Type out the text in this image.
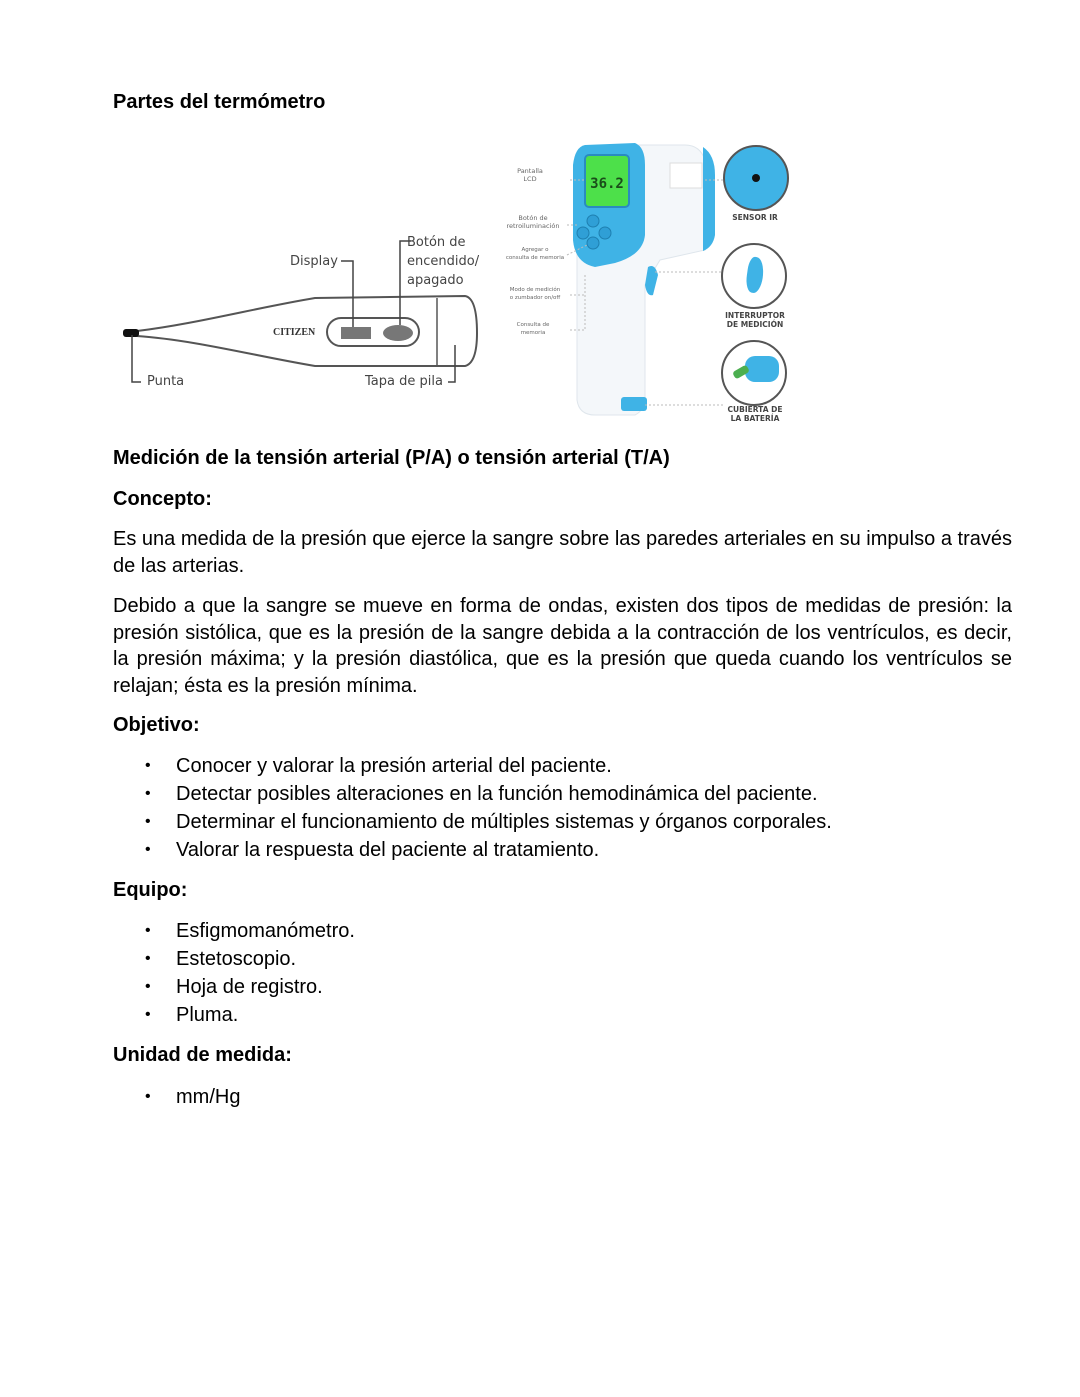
Partes del termómetro
CITIZEN
Display
Botón de
encendido/
apagado
Punta	Tapa de pila
36.2
Pantalla
LCD
Botón de
retroiluminación
Agregar o
consulta de memoria
Modo de medición
o zumbador on/off
Consulta de
memoria
SENSOR IR
INTERRUPTOR
DE MEDICIÓN
CUBIERTA DE
LA BATERÍA
Medición de la tensión arterial (P/A) o tensión arterial (T/A)
Concepto:

Es una medida de la presión que ejerce la sangre sobre las paredes arteriales en su impulso a través de las arterias.

Debido a que la sangre se mueve en forma de ondas, existen dos tipos de medidas de presión: la presión sistólica, que es la presión de la sangre debida a la contracción de los ventrículos, es decir, la presión máxima; y la presión diastólica, que es la presión que queda cuando los ventrículos se relajan; ésta es la presión mínima.

Objetivo:
• Conocer y valorar la presión arterial del paciente.
• Detectar posibles alteraciones en la función hemodinámica del paciente.
• Determinar el funcionamiento de múltiples sistemas y órganos corporales.
• Valorar la respuesta del paciente al tratamiento.
Equipo:
• Esfigmomanómetro.
• Estetoscopio.
• Hoja de registro.
• Pluma.
Unidad de medida:
• mm/Hg
